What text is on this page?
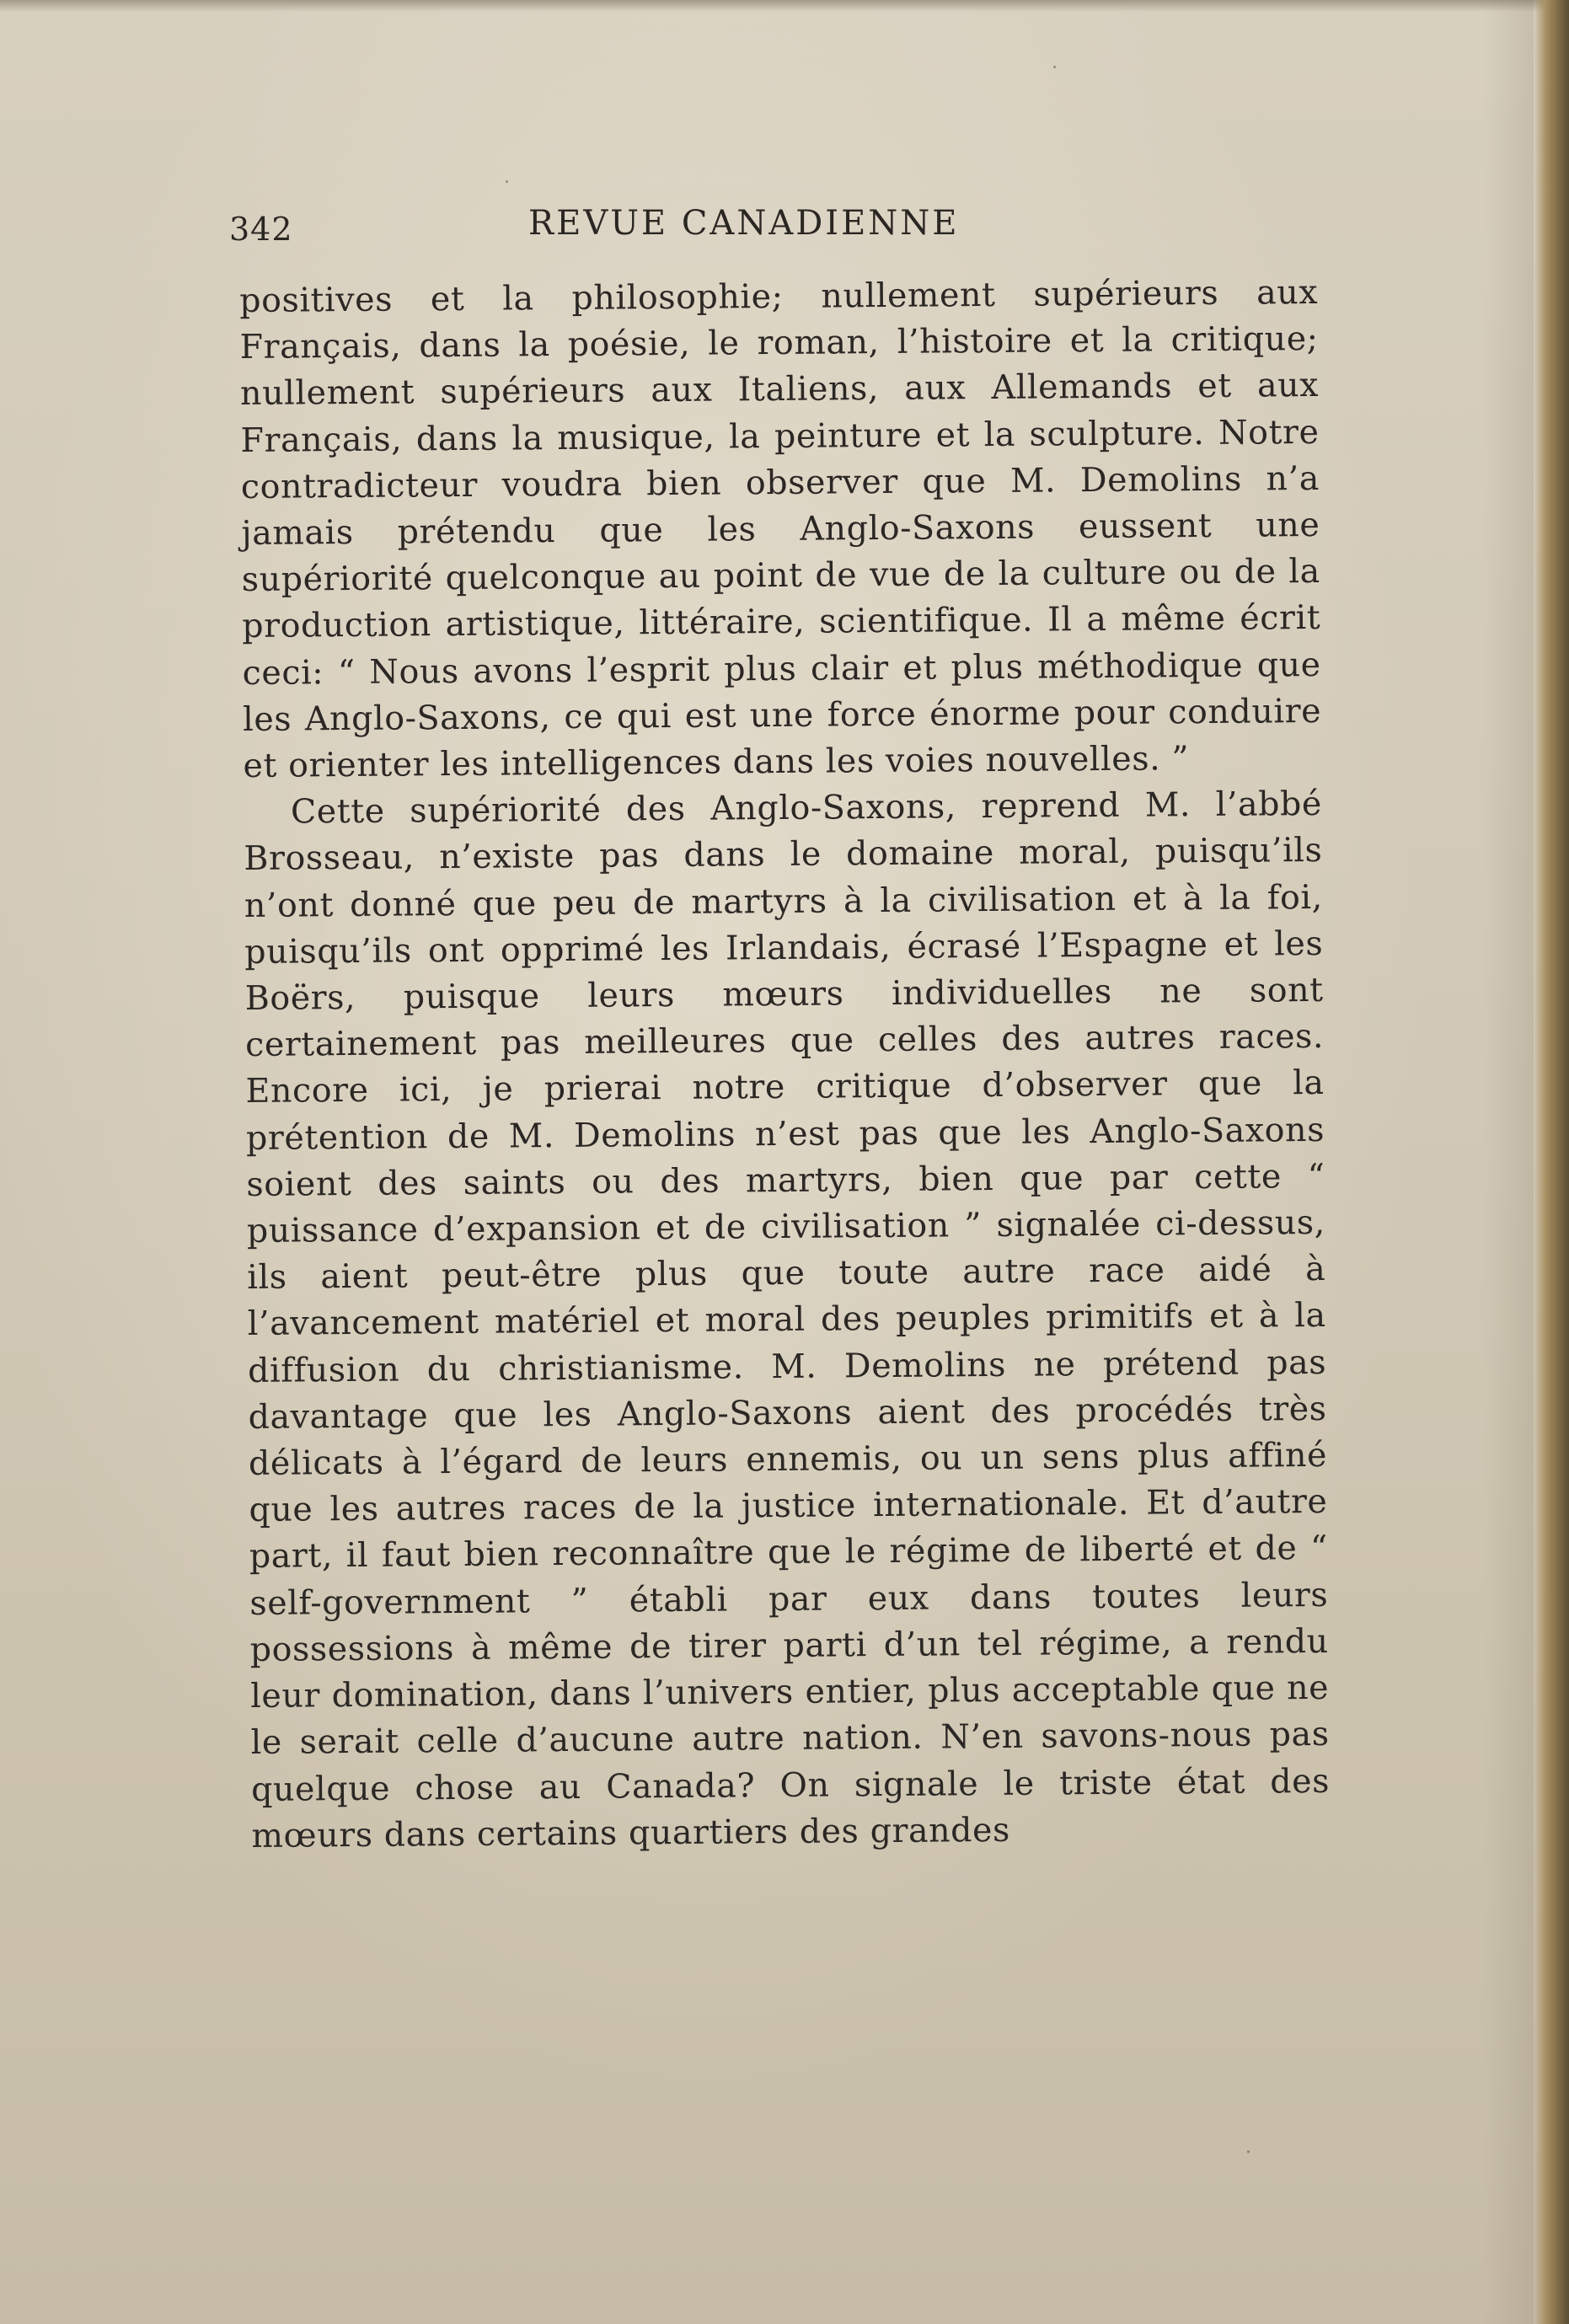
342	REVUE CANADIENNE

positives et la philosophie; nullement supérieurs aux Français, dans la poésie, le roman, l’histoire et la critique; nullement supérieurs aux Italiens, aux Allemands et aux Français, dans la musique, la peinture et la sculpture. Notre contradicteur voudra bien observer que M. Demolins n’a jamais prétendu que les Anglo-Saxons eussent une supériorité quelconque au point de vue de la culture ou de la production artistique, littéraire, scientifique. Il a même écrit ceci: “ Nous avons l’esprit plus clair et plus méthodique que les Anglo-Saxons, ce qui est une force énorme pour conduire et orienter les intelligences dans les voies nouvelles. ”

Cette supériorité des Anglo-Saxons, reprend M. l’abbé Brosseau, n’existe pas dans le domaine moral, puisqu’ils n’ont donné que peu de martyrs à la civilisation et à la foi, puisqu’ils ont opprimé les Irlandais, écrasé l’Espagne et les Boërs, puisque leurs mœurs individuelles ne sont certainement pas meilleures que celles des autres races. Encore ici, je prierai notre critique d’observer que la prétention de M. Demolins n’est pas que les Anglo-Saxons soient des saints ou des martyrs, bien que par cette “ puissance d’expansion et de civilisation ” signalée ci-dessus, ils aient peut-être plus que toute autre race aidé à l’avancement matériel et moral des peuples primitifs et à la diffusion du christianisme. M. Demolins ne prétend pas davantage que les Anglo-Saxons aient des procédés très délicats à l’égard de leurs ennemis, ou un sens plus affiné que les autres races de la justice internationale. Et d’autre part, il faut bien reconnaître que le régime de liberté et de “ self-government ” établi par eux dans toutes leurs possessions à même de tirer parti d’un tel régime, a rendu leur domination, dans l’univers entier, plus acceptable que ne le serait celle d’aucune autre nation. N’en savons-nous pas quelque chose au Canada? On signale le triste état des mœurs dans certains quartiers des grandes
